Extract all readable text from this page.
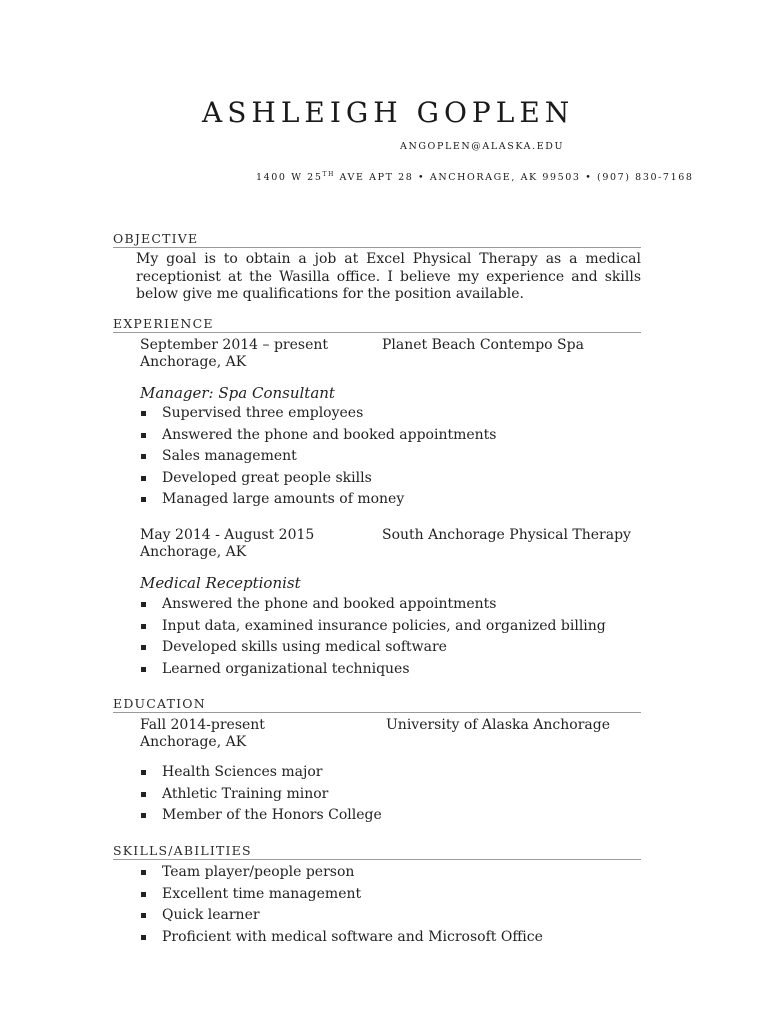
ASHLEIGH GOPLEN
ANGOPLEN@ALASKA.EDU
1400 W 25TH AVE APT 28 • ANCHORAGE, AK 99503 • (907) 830-7168
OBJECTIVE
My goal is to obtain a job at Excel Physical Therapy as a medical receptionist at the Wasilla office. I believe my experience and skills below give me qualifications for the position available.
EXPERIENCE
September 2014 – present	Planet Beach Contempo Spa
Anchorage, AK
Manager: Spa Consultant
Supervised three employees
Answered the phone and booked appointments
Sales management
Developed great people skills
Managed large amounts of money
May 2014 - August 2015	South Anchorage Physical Therapy
Anchorage, AK
Medical Receptionist
Answered the phone and booked appointments
Input data, examined insurance policies, and organized billing
Developed skills using medical software
Learned organizational techniques
EDUCATION
Fall 2014-present	University of Alaska Anchorage
Anchorage, AK
Health Sciences major
Athletic Training minor
Member of the Honors College
SKILLS/ABILITIES
Team player/people person
Excellent time management
Quick learner
Proficient with medical software and Microsoft Office
